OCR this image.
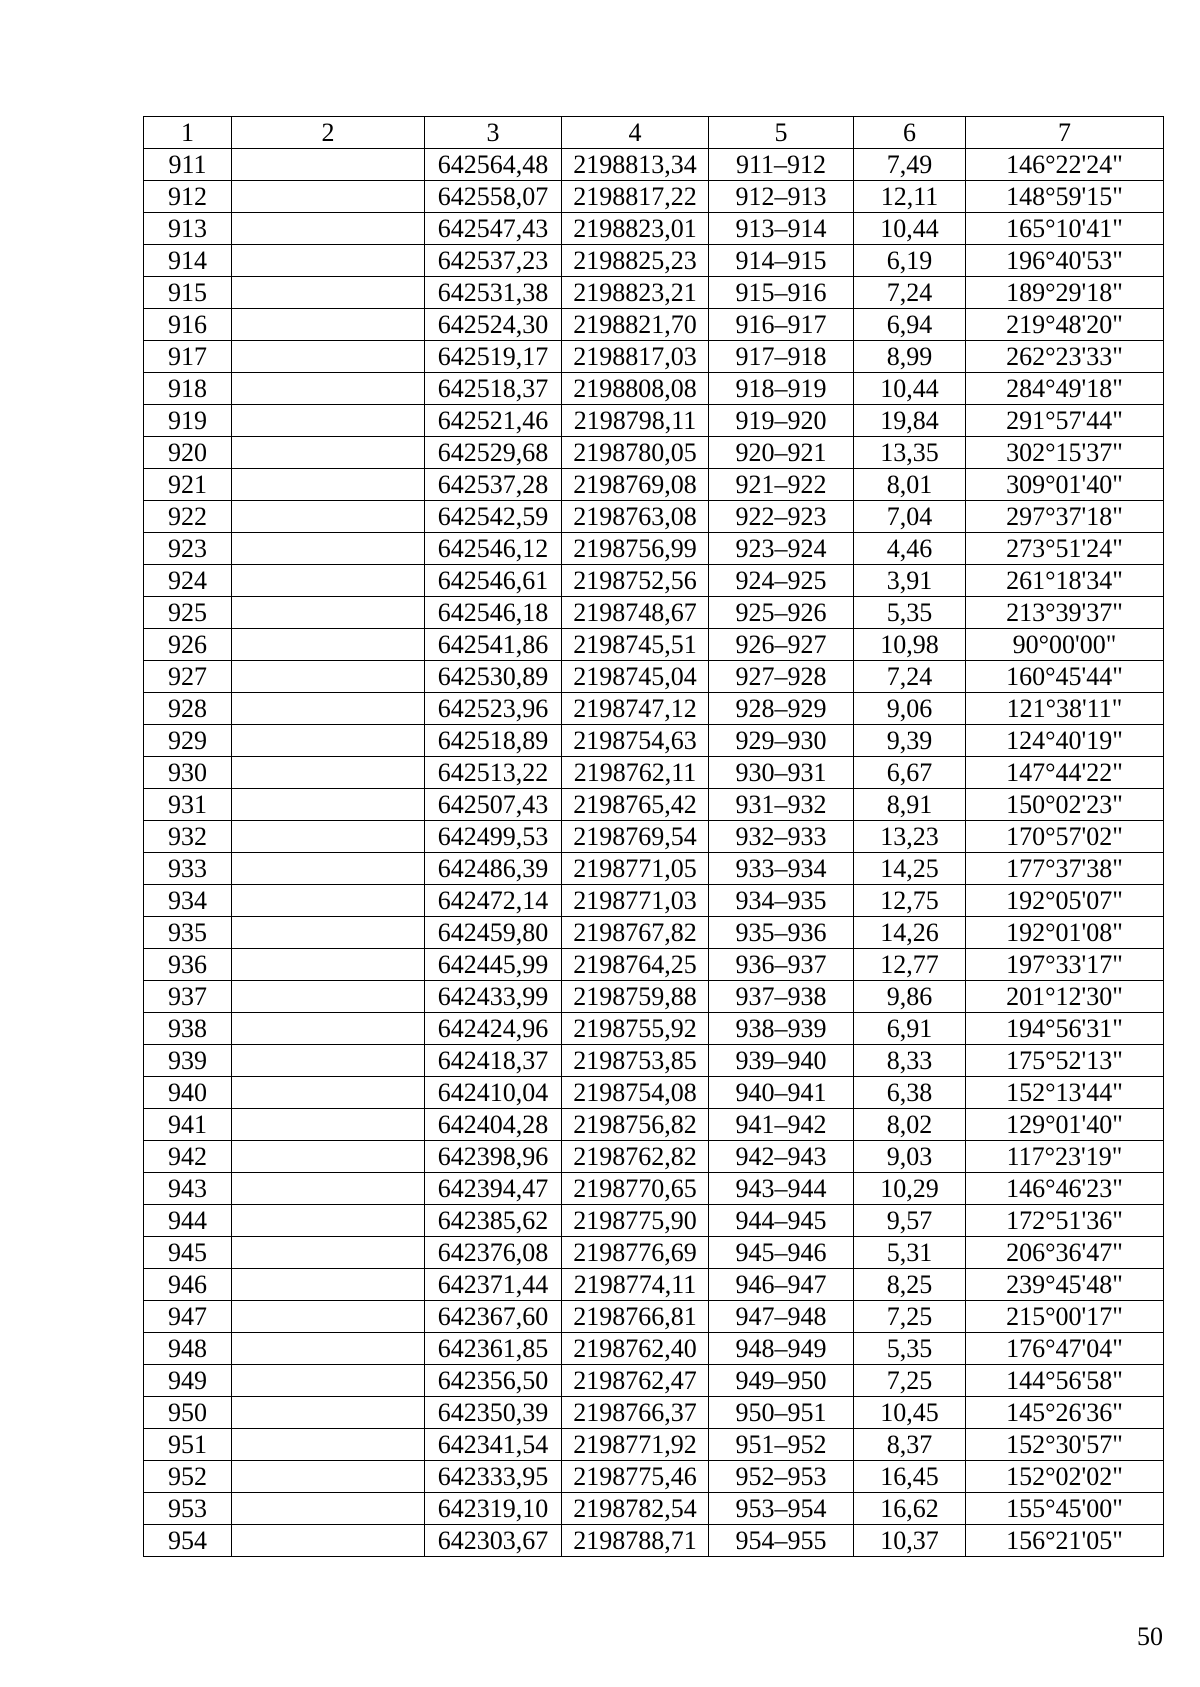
1	2	3	4	5	6	7
911		642564,48	2198813,34	911–912	7,49	146°22'24"
912		642558,07	2198817,22	912–913	12,11	148°59'15"
913		642547,43	2198823,01	913–914	10,44	165°10'41"
914		642537,23	2198825,23	914–915	6,19	196°40'53"
915		642531,38	2198823,21	915–916	7,24	189°29'18"
916		642524,30	2198821,70	916–917	6,94	219°48'20"
917		642519,17	2198817,03	917–918	8,99	262°23'33"
918		642518,37	2198808,08	918–919	10,44	284°49'18"
919		642521,46	2198798,11	919–920	19,84	291°57'44"
920		642529,68	2198780,05	920–921	13,35	302°15'37"
921		642537,28	2198769,08	921–922	8,01	309°01'40"
922		642542,59	2198763,08	922–923	7,04	297°37'18"
923		642546,12	2198756,99	923–924	4,46	273°51'24"
924		642546,61	2198752,56	924–925	3,91	261°18'34"
925		642546,18	2198748,67	925–926	5,35	213°39'37"
926		642541,86	2198745,51	926–927	10,98	90°00'00"
927		642530,89	2198745,04	927–928	7,24	160°45'44"
928		642523,96	2198747,12	928–929	9,06	121°38'11"
929		642518,89	2198754,63	929–930	9,39	124°40'19"
930		642513,22	2198762,11	930–931	6,67	147°44'22"
931		642507,43	2198765,42	931–932	8,91	150°02'23"
932		642499,53	2198769,54	932–933	13,23	170°57'02"
933		642486,39	2198771,05	933–934	14,25	177°37'38"
934		642472,14	2198771,03	934–935	12,75	192°05'07"
935		642459,80	2198767,82	935–936	14,26	192°01'08"
936		642445,99	2198764,25	936–937	12,77	197°33'17"
937		642433,99	2198759,88	937–938	9,86	201°12'30"
938		642424,96	2198755,92	938–939	6,91	194°56'31"
939		642418,37	2198753,85	939–940	8,33	175°52'13"
940		642410,04	2198754,08	940–941	6,38	152°13'44"
941		642404,28	2198756,82	941–942	8,02	129°01'40"
942		642398,96	2198762,82	942–943	9,03	117°23'19"
943		642394,47	2198770,65	943–944	10,29	146°46'23"
944		642385,62	2198775,90	944–945	9,57	172°51'36"
945		642376,08	2198776,69	945–946	5,31	206°36'47"
946		642371,44	2198774,11	946–947	8,25	239°45'48"
947		642367,60	2198766,81	947–948	7,25	215°00'17"
948		642361,85	2198762,40	948–949	5,35	176°47'04"
949		642356,50	2198762,47	949–950	7,25	144°56'58"
950		642350,39	2198766,37	950–951	10,45	145°26'36"
951		642341,54	2198771,92	951–952	8,37	152°30'57"
952		642333,95	2198775,46	952–953	16,45	152°02'02"
953		642319,10	2198782,54	953–954	16,62	155°45'00"
954		642303,67	2198788,71	954–955	10,37	156°21'05"
50
